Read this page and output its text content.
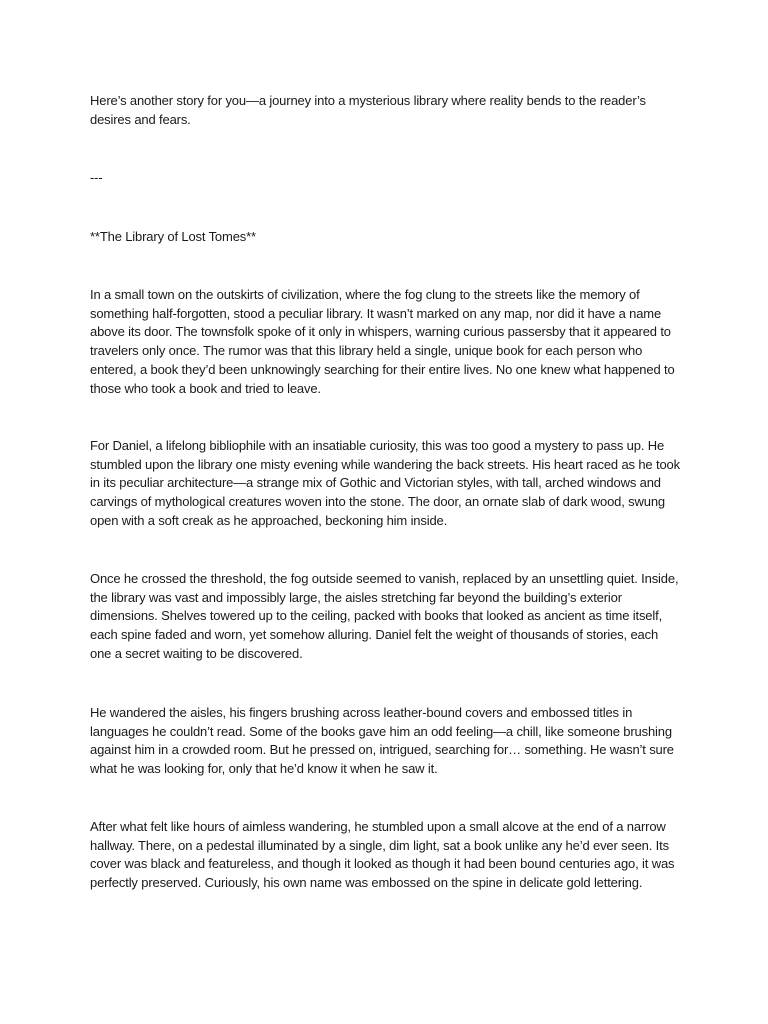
Here’s another story for you—a journey into a mysterious library where reality bends to the reader’s desires and fears.

---

**The Library of Lost Tomes**

In a small town on the outskirts of civilization, where the fog clung to the streets like the memory of something half-forgotten, stood a peculiar library. It wasn’t marked on any map, nor did it have a name above its door. The townsfolk spoke of it only in whispers, warning curious passersby that it appeared to travelers only once. The rumor was that this library held a single, unique book for each person who entered, a book they’d been unknowingly searching for their entire lives. No one knew what happened to those who took a book and tried to leave.

For Daniel, a lifelong bibliophile with an insatiable curiosity, this was too good a mystery to pass up. He stumbled upon the library one misty evening while wandering the back streets. His heart raced as he took in its peculiar architecture—a strange mix of Gothic and Victorian styles, with tall, arched windows and carvings of mythological creatures woven into the stone. The door, an ornate slab of dark wood, swung open with a soft creak as he approached, beckoning him inside.

Once he crossed the threshold, the fog outside seemed to vanish, replaced by an unsettling quiet. Inside, the library was vast and impossibly large, the aisles stretching far beyond the building’s exterior dimensions. Shelves towered up to the ceiling, packed with books that looked as ancient as time itself, each spine faded and worn, yet somehow alluring. Daniel felt the weight of thousands of stories, each one a secret waiting to be discovered.

He wandered the aisles, his fingers brushing across leather-bound covers and embossed titles in languages he couldn’t read. Some of the books gave him an odd feeling—a chill, like someone brushing against him in a crowded room. But he pressed on, intrigued, searching for… something. He wasn’t sure what he was looking for, only that he’d know it when he saw it.

After what felt like hours of aimless wandering, he stumbled upon a small alcove at the end of a narrow hallway. There, on a pedestal illuminated by a single, dim light, sat a book unlike any he’d ever seen. Its cover was black and featureless, and though it looked as though it had been bound centuries ago, it was perfectly preserved. Curiously, his own name was embossed on the spine in delicate gold lettering.
